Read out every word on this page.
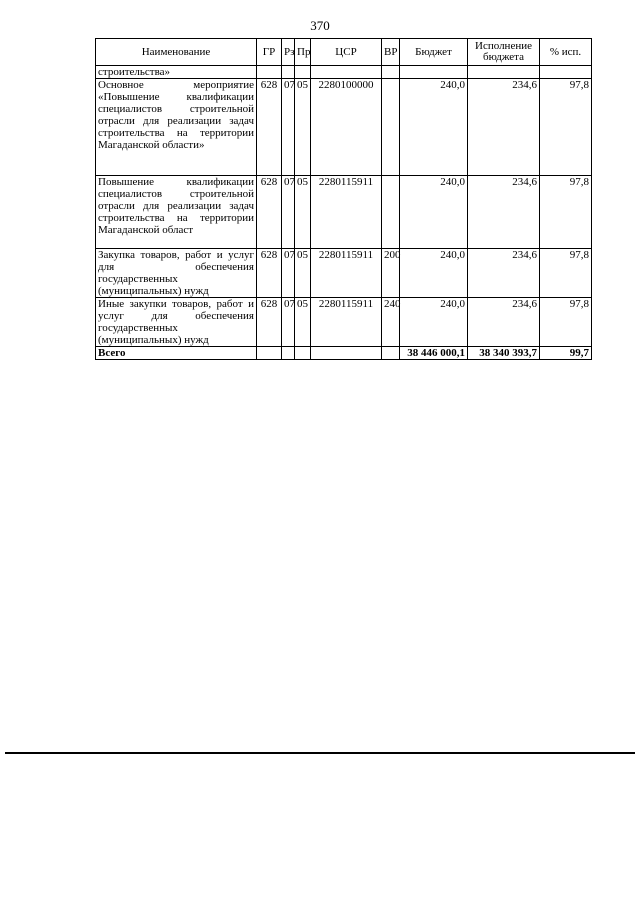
370
Наименование	ГР	Рз	Пр	ЦСР	ВР	Бюджет	Исполнение бюджета	% исп.
строительства»								
Основное мероприятие «Повышение квалификации специалистов строительной отрасли для реализации задач строительства на территории Магаданской области»	628	07	05	2280100000		240,0	234,6	97,8
Повышение квалификации специалистов строительной отрасли для реализации задач строительства на территории Магаданской област	628	07	05	2280115911		240,0	234,6	97,8
Закупка товаров, работ и услуг для обеспечения государственных (муниципальных) нужд	628	07	05	2280115911	200	240,0	234,6	97,8
Иные закупки товаров, работ и услуг для обеспечения государственных (муниципальных) нужд	628	07	05	2280115911	240	240,0	234,6	97,8
Всего						38 446 000,1	38 340 393,7	99,7
